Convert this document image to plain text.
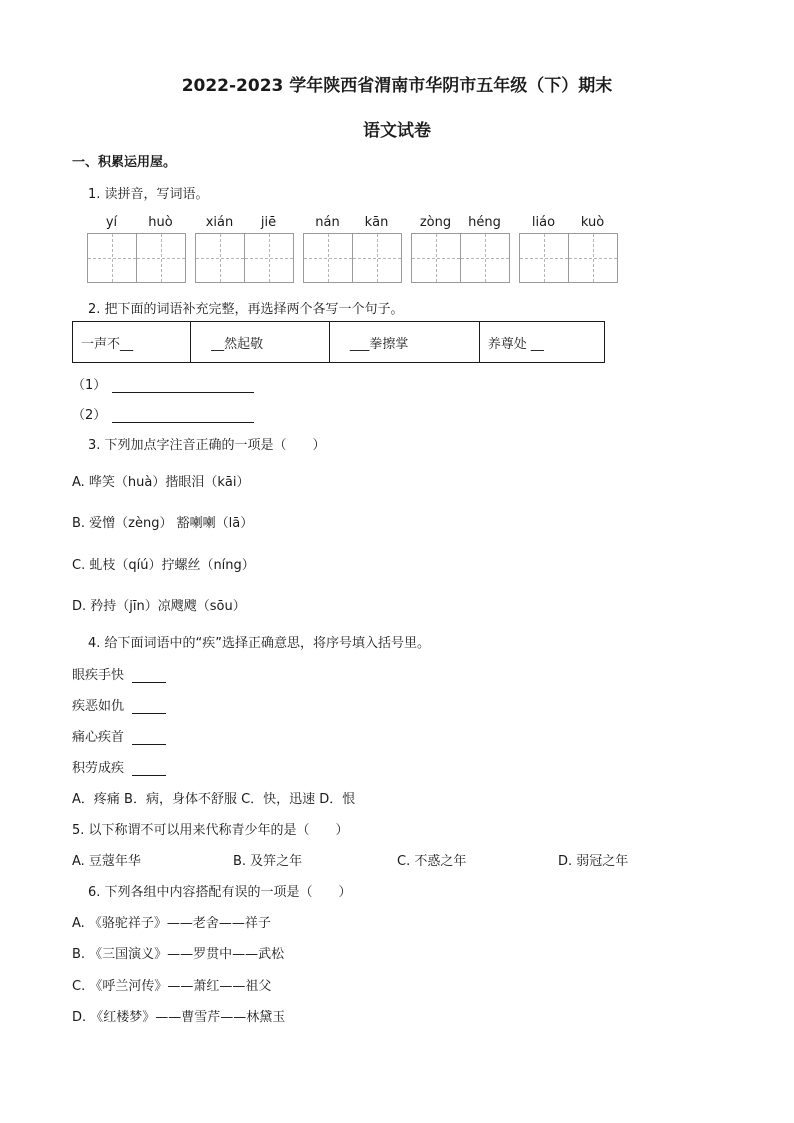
2022-2023 学年陕西省渭南市华阴市五年级（下）期末
语文试卷
一、积累运用屋。
1. 读拼音，写词语。
yí	huò	xián	jiē	nán	kān	zòng	héng	liáo	kuò
2. 把下面的词语补充完整，再选择两个各写一个句子。
一声不__	__然起敬	___拳擦掌	养尊处 __
（1）
（2）
3. 下列加点字注音正确的一项是（　　）
A. 哗笑（huà）揩眼泪（kāi）
B. 爱憎（zèng） 豁喇喇（lā）
C. 虬枝（qíú）拧螺丝（níng）
D. 矜持（jīn）凉飕飕（sōu）
4. 给下面词语中的“疾”选择正确意思，将序号填入括号里。
眼疾手快
疾恶如仇
痛心疾首
积劳成疾
A．疼痛 B．病，身体不舒服 C．快，迅速 D．恨
5. 以下称谓不可以用来代称青少年的是（　　）
A. 豆蔻年华	B. 及笄之年	C. 不惑之年	D. 弱冠之年
6. 下列各组中内容搭配有误的一项是（　　）
A. 《骆驼祥子》——老舍——祥子
B. 《三国演义》——罗贯中——武松
C. 《呼兰河传》——萧红——祖父
D. 《红楼梦》——曹雪芹——林黛玉
